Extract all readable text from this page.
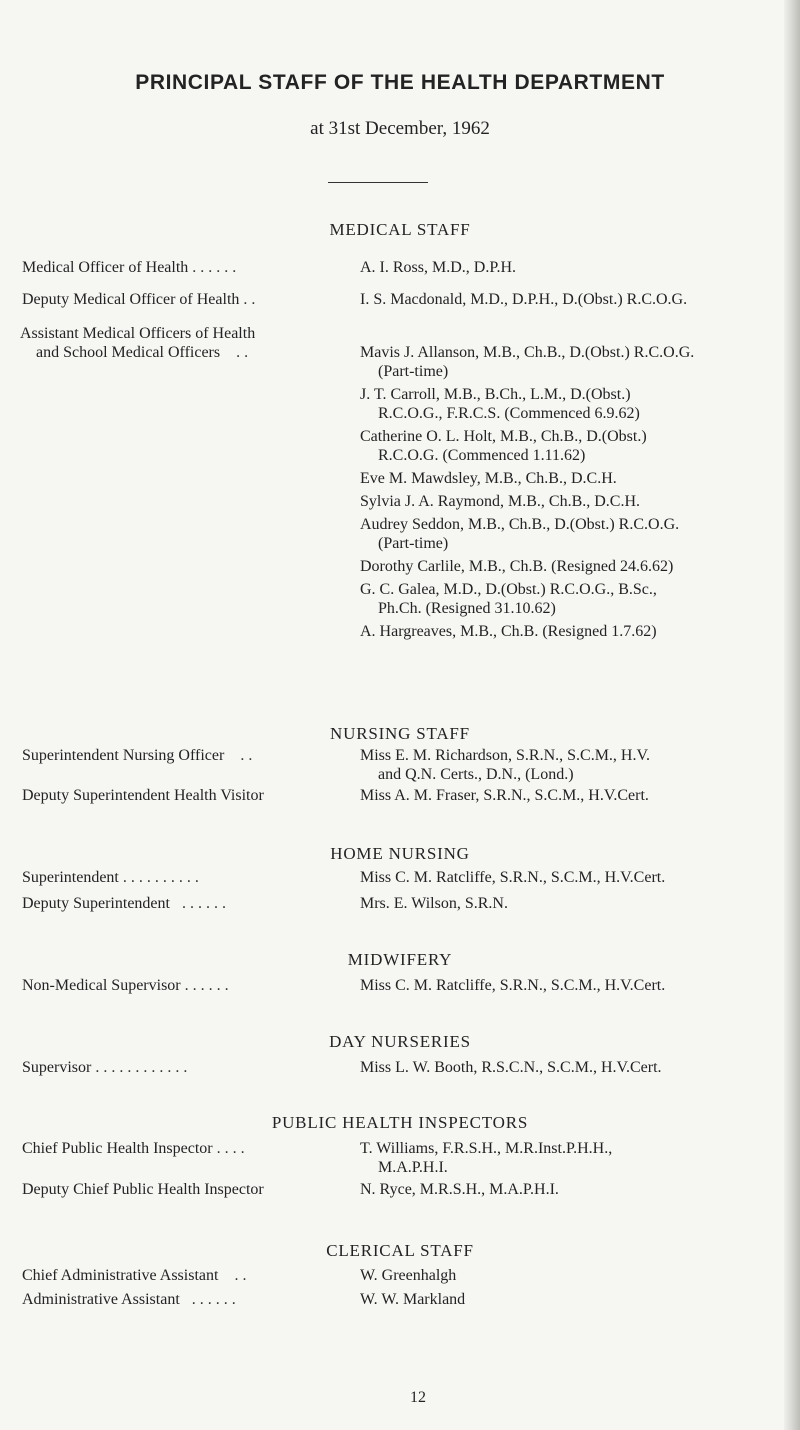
PRINCIPAL STAFF OF THE HEALTH DEPARTMENT
at 31st December, 1962
MEDICAL STAFF
Medical Officer of Health . . . . . .	A. I. Ross, M.D., D.P.H.
Deputy Medical Officer of Health . .	I. S. Macdonald, M.D., D.P.H., D.(Obst.) R.C.O.G.
Assistant Medical Officers of Health
and School Medical Officers . .	Mavis J. Allanson, M.B., Ch.B., D.(Obst.) R.C.O.G.
(Part-time)
J. T. Carroll, M.B., B.Ch., L.M., D.(Obst.)
R.C.O.G., F.R.C.S. (Commenced 6.9.62)
Catherine O. L. Holt, M.B., Ch.B., D.(Obst.)
R.C.O.G. (Commenced 1.11.62)
Eve M. Mawdsley, M.B., Ch.B., D.C.H.
Sylvia J. A. Raymond, M.B., Ch.B., D.C.H.
Audrey Seddon, M.B., Ch.B., D.(Obst.) R.C.O.G.
(Part-time)
Dorothy Carlile, M.B., Ch.B. (Resigned 24.6.62)
G. C. Galea, M.D., D.(Obst.) R.C.O.G., B.Sc.,
Ph.Ch. (Resigned 31.10.62)
A. Hargreaves, M.B., Ch.B. (Resigned 1.7.62)
NURSING STAFF
Superintendent Nursing Officer . .	Miss E. M. Richardson, S.R.N., S.C.M., H.V.
and Q.N. Certs., D.N., (Lond.)
Deputy Superintendent Health Visitor	Miss A. M. Fraser, S.R.N., S.C.M., H.V.Cert.
HOME NURSING
Superintendent . . . . . . . . . .	Miss C. M. Ratcliffe, S.R.N., S.C.M., H.V.Cert.
Deputy Superintendent . . . . . .	Mrs. E. Wilson, S.R.N.
MIDWIFERY
Non-Medical Supervisor . . . . . .	Miss C. M. Ratcliffe, S.R.N., S.C.M., H.V.Cert.
DAY NURSERIES
Supervisor . . . . . . . . . . . .	Miss L. W. Booth, R.S.C.N., S.C.M., H.V.Cert.
PUBLIC HEALTH INSPECTORS
Chief Public Health Inspector . . . .	T. Williams, F.R.S.H., M.R.Inst.P.H.H.,
M.A.P.H.I.
Deputy Chief Public Health Inspector	N. Ryce, M.R.S.H., M.A.P.H.I.
CLERICAL STAFF
Chief Administrative Assistant . .	W. Greenhalgh
Administrative Assistant . . . . . .	W. W. Markland
12
